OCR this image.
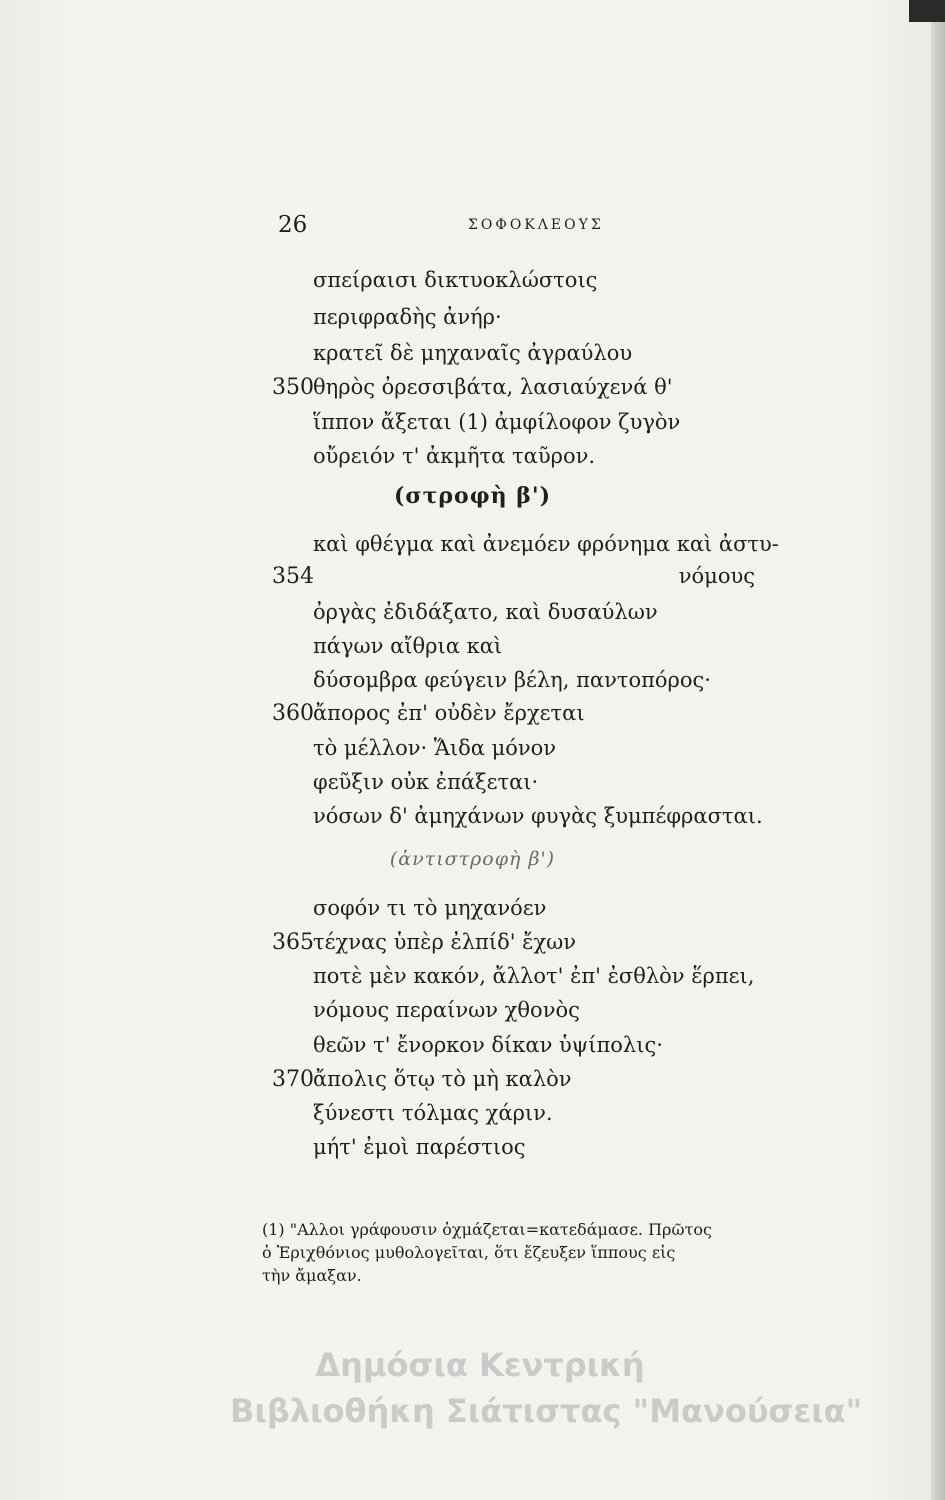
26	ΣΟΦΟΚΛΕΟΥΣ
σπείραισι δικτυοκλώστοις
περιφραδὴς ἀνήρ·
κρατεῖ δὲ μηχαναῖς ἀγραύλου
350 θηρὸς ὀρεσσιβάτα, λασιαύχενά θ'
ἵππον ἄξεται (1) ἀμφίλοφον ζυγὸν
οὔρειόν τ' ἀκμῆτα ταῦρον.
(στροφὴ β')
καὶ φθέγμα καὶ ἀνεμόεν φρόνημα καὶ ἀστυ-
354	νόμους
ὀργὰς ἐδιδάξατο, καὶ δυσαύλων
πάγων αἴθρια καὶ
δύσομβρα φεύγειν βέλη, παντοπόρος·
360 ἄπορος ἐπ' οὐδὲν ἔρχεται
τὸ μέλλον· Ἅιδα μόνον
φεῦξιν οὐκ ἐπάξεται·
νόσων δ' ἀμηχάνων φυγὰς ξυμπέφρασται.
(ἀντιστροφὴ β')
σοφόν τι τὸ μηχανόεν
365 τέχνας ὑπὲρ ἐλπίδ' ἔχων
ποτὲ μὲν κακόν, ἄλλοτ' ἐπ' ἐσθλὸν ἕρπει,
νόμους περαίνων χθονὸς
θεῶν τ' ἔνορκον δίκαν ὑψίπολις·
370 ἄπολις ὅτῳ τὸ μὴ καλὸν
ξύνεστι τόλμας χάριν.
μήτ' ἐμοὶ παρέστιος
(1) "Αλλοι γράφουσιν ὀχμάζεται=κατεδάμασε. Πρῶτος
ὁ Ἐριχθόνιος μυθολογεῖται, ὅτι ἔζευξεν ἵππους εἰς
τὴν ἄμαξαν.
Δημόσια Κεντρική
Βιβλιοθήκη Σιάτιστας "Μανούσεια"
